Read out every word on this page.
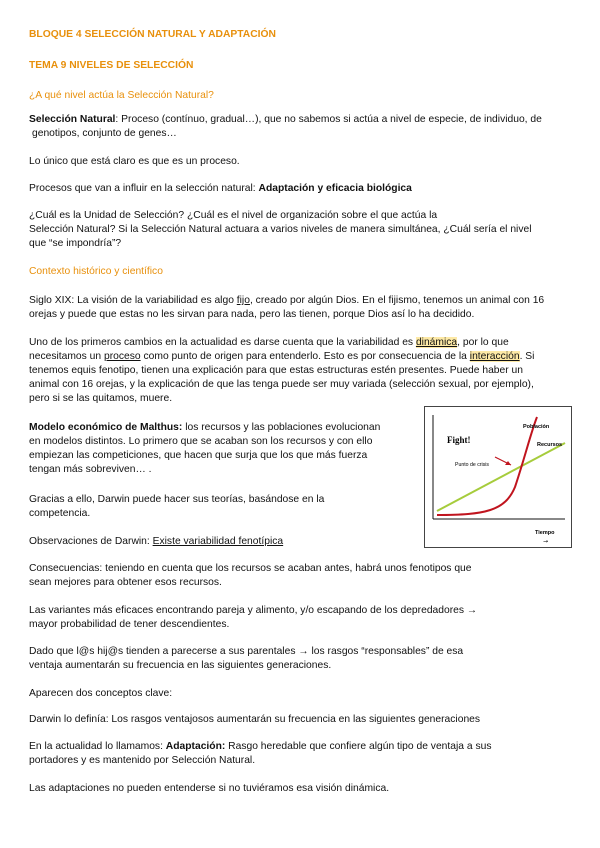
BLOQUE 4 SELECCIÓN NATURAL Y ADAPTACIÓN
TEMA 9 NIVELES DE SELECCIÓN
¿A qué nivel actúa la Selección Natural?
Selección Natural: Proceso (contínuo, gradual…), que no sabemos si actúa a nivel de especie, de individuo, de
genotipos, conjunto de genes…
Lo único que está claro es que es un proceso.
Procesos que van a influir en la selección natural: Adaptación y eficacia biológica
¿Cuál es la Unidad de Selección? ¿Cuál es el nivel de organización sobre el que actúa la
Selección Natural? Si la Selección Natural actuara a varios niveles de manera simultánea, ¿Cuál sería el nivel
que “se impondría”?
Contexto histórico y científico
Siglo XIX: La visión de la variabilidad es algo fijo, creado por algún Dios. En el fijismo, tenemos un animal con 16
orejas y puede que estas no les sirvan para nada, pero las tienen, porque Dios así lo ha decidido.
Uno de los primeros cambios en la actualidad es darse cuenta que la variabilidad es dinámica, por lo que
necesitamos un proceso como punto de origen para entenderlo. Esto es por consecuencia de la interacción. Si
tenemos equis fenotipo, tienen una explicación para que estas estructuras estén presentes. Puede haber un
animal con 16 orejas, y la explicación de que las tenga puede ser muy variada (selección sexual, por ejemplo),
pero si se las quitamos, muere.
Modelo económico de Malthus: los recursos y las poblaciones evolucionan
en modelos distintos. Lo primero que se acaban son los recursos y con ello
empiezan las competiciones, que hacen que surja que los que más fuerza
tengan más sobreviven… .
Gracias a ello, Darwin puede hacer sus teorías, basándose en la
competencia.
Observaciones de Darwin: Existe variabilidad fenotípica
Población
Recursos
Fight!
Punto de crisis
Tiempo
→
Consecuencias: teniendo en cuenta que los recursos se acaban antes, habrá unos fenotipos que
sean mejores para obtener esos recursos.
Las variantes más eficaces encontrando pareja y alimento, y/o escapando de los depredadores →
mayor probabilidad de tener descendientes.
Dado que l@s hij@s tienden a parecerse a sus parentales → los rasgos “responsables” de esa
ventaja aumentarán su frecuencia en las siguientes generaciones.
Aparecen dos conceptos clave:
Darwin lo definía: Los rasgos ventajosos aumentarán su frecuencia en las siguientes generaciones
En la actualidad lo llamamos: Adaptación: Rasgo heredable que confiere algún tipo de ventaja a sus
portadores y es mantenido por Selección Natural.
Las adaptaciones no pueden entenderse si no tuviéramos esa visión dinámica.
